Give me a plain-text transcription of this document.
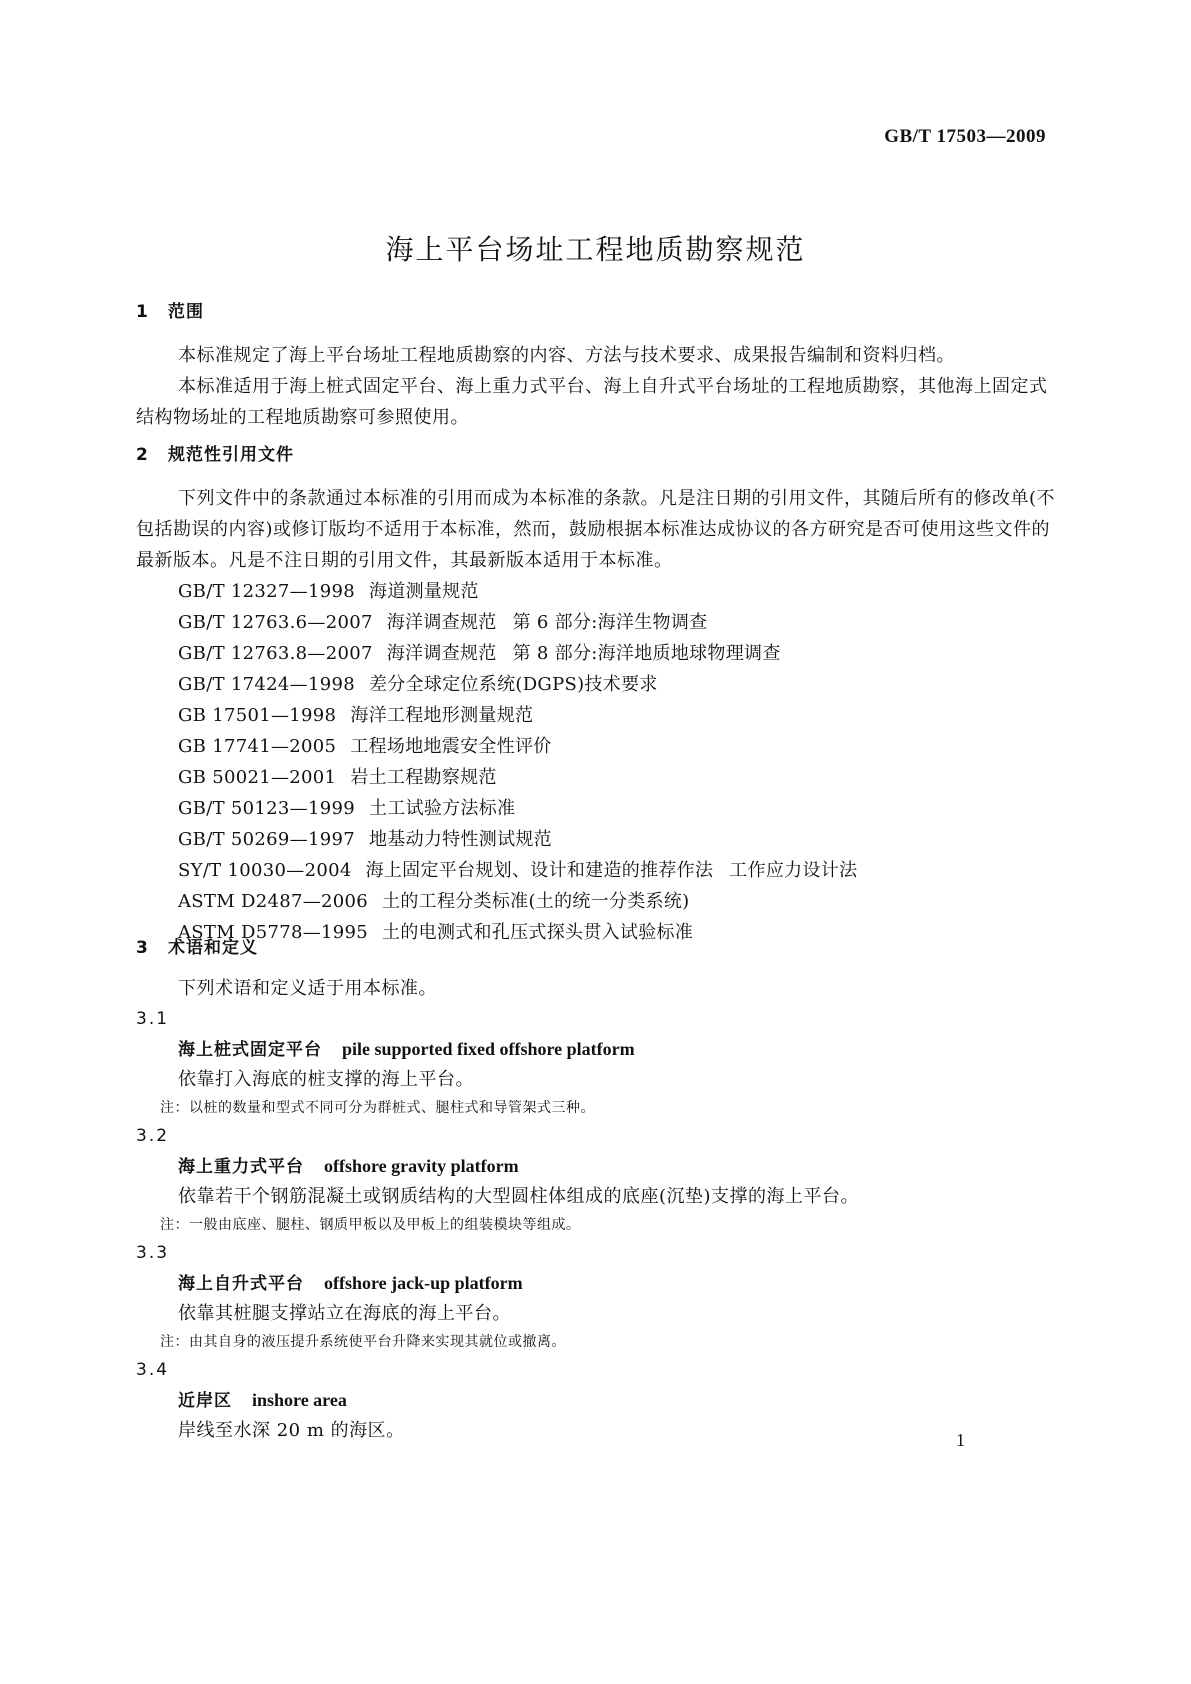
GB/T 17503—2009
海上平台场址工程地质勘察规范
1 范围
本标准规定了海上平台场址工程地质勘察的内容、方法与技术要求、成果报告编制和资料归档。
本标准适用于海上桩式固定平台、海上重力式平台、海上自升式平台场址的工程地质勘察，其他海上固定式结构物场址的工程地质勘察可参照使用。
2 规范性引用文件
下列文件中的条款通过本标准的引用而成为本标准的条款。凡是注日期的引用文件，其随后所有的修改单(不包括勘误的内容)或修订版均不适用于本标准，然而，鼓励根据本标准达成协议的各方研究是否可使用这些文件的最新版本。凡是不注日期的引用文件，其最新版本适用于本标准。
GB/T 12327—1998 海道测量规范
GB/T 12763.6—2007 海洋调查规范 第 6 部分:海洋生物调查
GB/T 12763.8—2007 海洋调查规范 第 8 部分:海洋地质地球物理调查
GB/T 17424—1998 差分全球定位系统(DGPS)技术要求
GB 17501—1998 海洋工程地形测量规范
GB 17741—2005 工程场地地震安全性评价
GB 50021—2001 岩土工程勘察规范
GB/T 50123—1999 土工试验方法标准
GB/T 50269—1997 地基动力特性测试规范
SY/T 10030—2004 海上固定平台规划、设计和建造的推荐作法 工作应力设计法
ASTM D2487—2006 土的工程分类标准(土的统一分类系统)
ASTM D5778—1995 土的电测式和孔压式探头贯入试验标准
3 术语和定义
下列术语和定义适于用本标准。
3.1
海上桩式固定平台 pile supported fixed offshore platform
依靠打入海底的桩支撑的海上平台。
注：以桩的数量和型式不同可分为群桩式、腿柱式和导管架式三种。
3.2
海上重力式平台 offshore gravity platform
依靠若干个钢筋混凝土或钢质结构的大型圆柱体组成的底座(沉垫)支撑的海上平台。
注：一般由底座、腿柱、钢质甲板以及甲板上的组装模块等组成。
3.3
海上自升式平台 offshore jack-up platform
依靠其桩腿支撑站立在海底的海上平台。
注：由其自身的液压提升系统使平台升降来实现其就位或撤离。
3.4
近岸区 inshore area
岸线至水深 20 m 的海区。	1
